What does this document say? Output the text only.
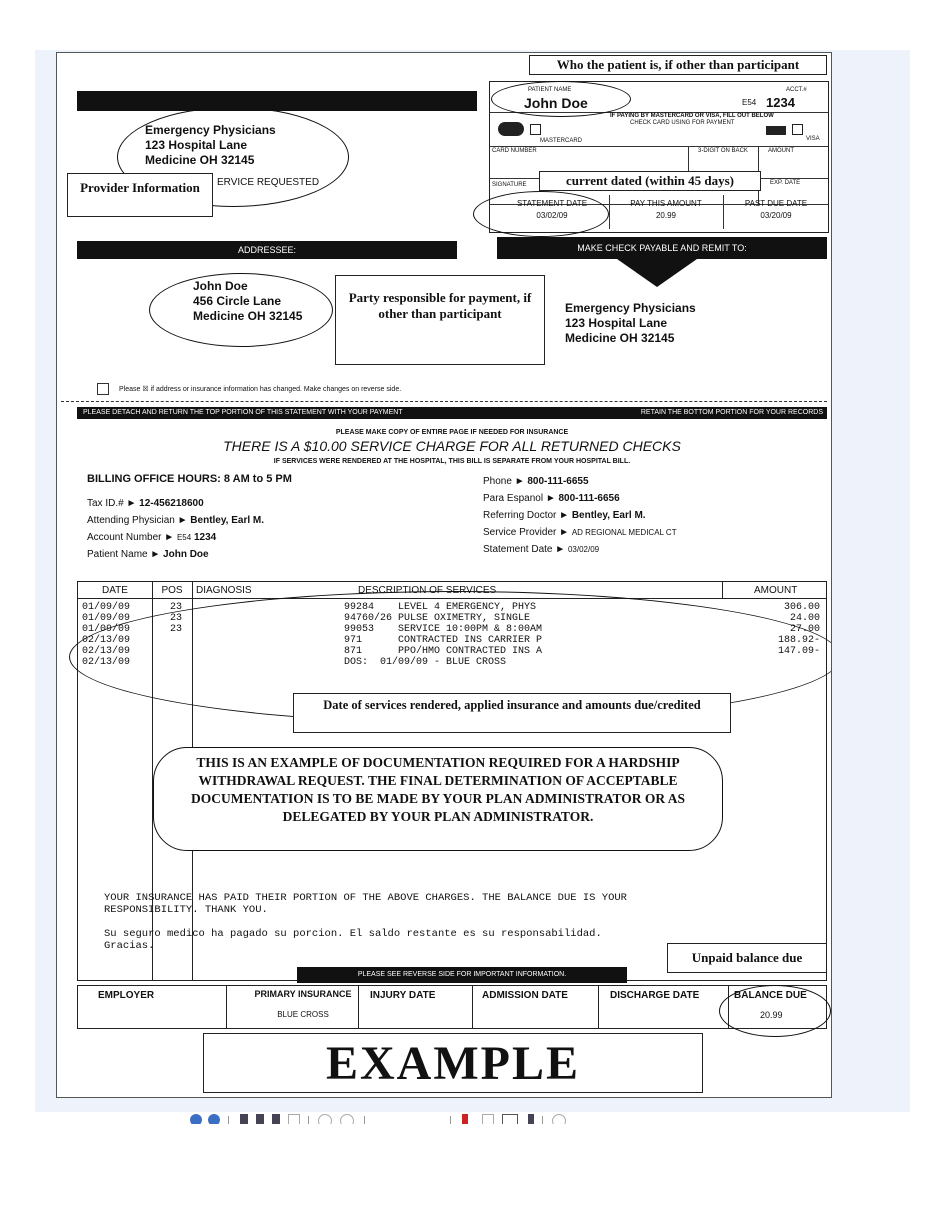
Who the patient is, if other than participant
PATIENT NAME
John Doe
ACCT.#
E54 1234
IF PAYING BY MASTERCARD OR VISA, FILL OUT BELOW
MASTERCARD
CHECK CARD USING FOR PAYMENT
VISA
CARD NUMBER	3-DIGIT ON BACK	AMOUNT
SIGNATURE	EXP. DATE
current dated (within 45 days)
STATEMENT DATE
03/02/09
PAY THIS AMOUNT
20.99
PAST DUE DATE
03/20/09
Emergency Physicians
123 Hospital Lane
Medicine OH 32145
ERVICE REQUESTED
Provider Information
ADDRESSEE:	MAKE CHECK PAYABLE AND REMIT TO:
John Doe
456 Circle Lane
Medicine OH 32145
Party responsible for payment, if other than participant	Emergency Physicians
123 Hospital Lane
Medicine OH 32145
Please ☒ if address or insurance information has changed. Make changes on reverse side.
PLEASE DETACH AND RETURN THE TOP PORTION OF THIS STATEMENT WITH YOUR PAYMENT	RETAIN THE BOTTOM PORTION FOR YOUR RECORDS
PLEASE MAKE COPY OF ENTIRE PAGE IF NEEDED FOR INSURANCE
THERE IS A $10.00 SERVICE CHARGE FOR ALL RETURNED CHECKS
IF SERVICES WERE RENDERED AT THE HOSPITAL, THIS BILL IS SEPARATE FROM YOUR HOSPITAL BILL.
BILLING OFFICE HOURS: 8 AM to 5 PM
Tax ID.# ► 12-456218600
Attending Physician ► Bentley, Earl M.
Account Number ► E54 1234
Patient Name ► John Doe
Phone ► 800-111-6655
Para Espanol ► 800-111-6656
Referring Doctor ► Bentley, Earl M.
Service Provider ► AD REGIONAL MEDICAL CT
Statement Date ► 03/02/09
DATE	POS	DIAGNOSIS	DESCRIPTION OF SERVICES	AMOUNT
01/09/09	23	99284    LEVEL 4 EMERGENCY, PHYS	306.00
01/09/09	23	94760/26 PULSE OXIMETRY, SINGLE	24.00
01/09/09	23	99053    SERVICE 10:00PM & 8:00AM	27.00
02/13/09	971      CONTRACTED INS CARRIER P	188.92-
02/13/09	871      PPO/HMO CONTRACTED INS A	147.09-
02/13/09	DOS:  01/09/09 - BLUE CROSS
YOUR INSURANCE HAS PAID THEIR PORTION OF THE ABOVE CHARGES. THE BALANCE DUE IS YOUR
RESPONSIBILITY. THANK YOU.
Su seguro medico ha pagado su porcion. El saldo restante es su responsabilidad.
Gracias.
Date of services rendered, applied insurance and amounts due/credited
THIS IS AN EXAMPLE OF DOCUMENTATION REQUIRED FOR A HARDSHIP WITHDRAWAL REQUEST. THE FINAL DETERMINATION OF ACCEPTABLE DOCUMENTATION IS TO BE MADE BY YOUR PLAN ADMINISTRATOR OR AS DELEGATED BY YOUR PLAN ADMINISTRATOR.
Unpaid balance due
PLEASE SEE REVERSE SIDE FOR IMPORTANT INFORMATION.
EMPLOYER	PRIMARY INSURANCE
BLUE CROSS
INJURY DATE	ADMISSION DATE	DISCHARGE DATE	BALANCE DUE
20.99
EXAMPLE
